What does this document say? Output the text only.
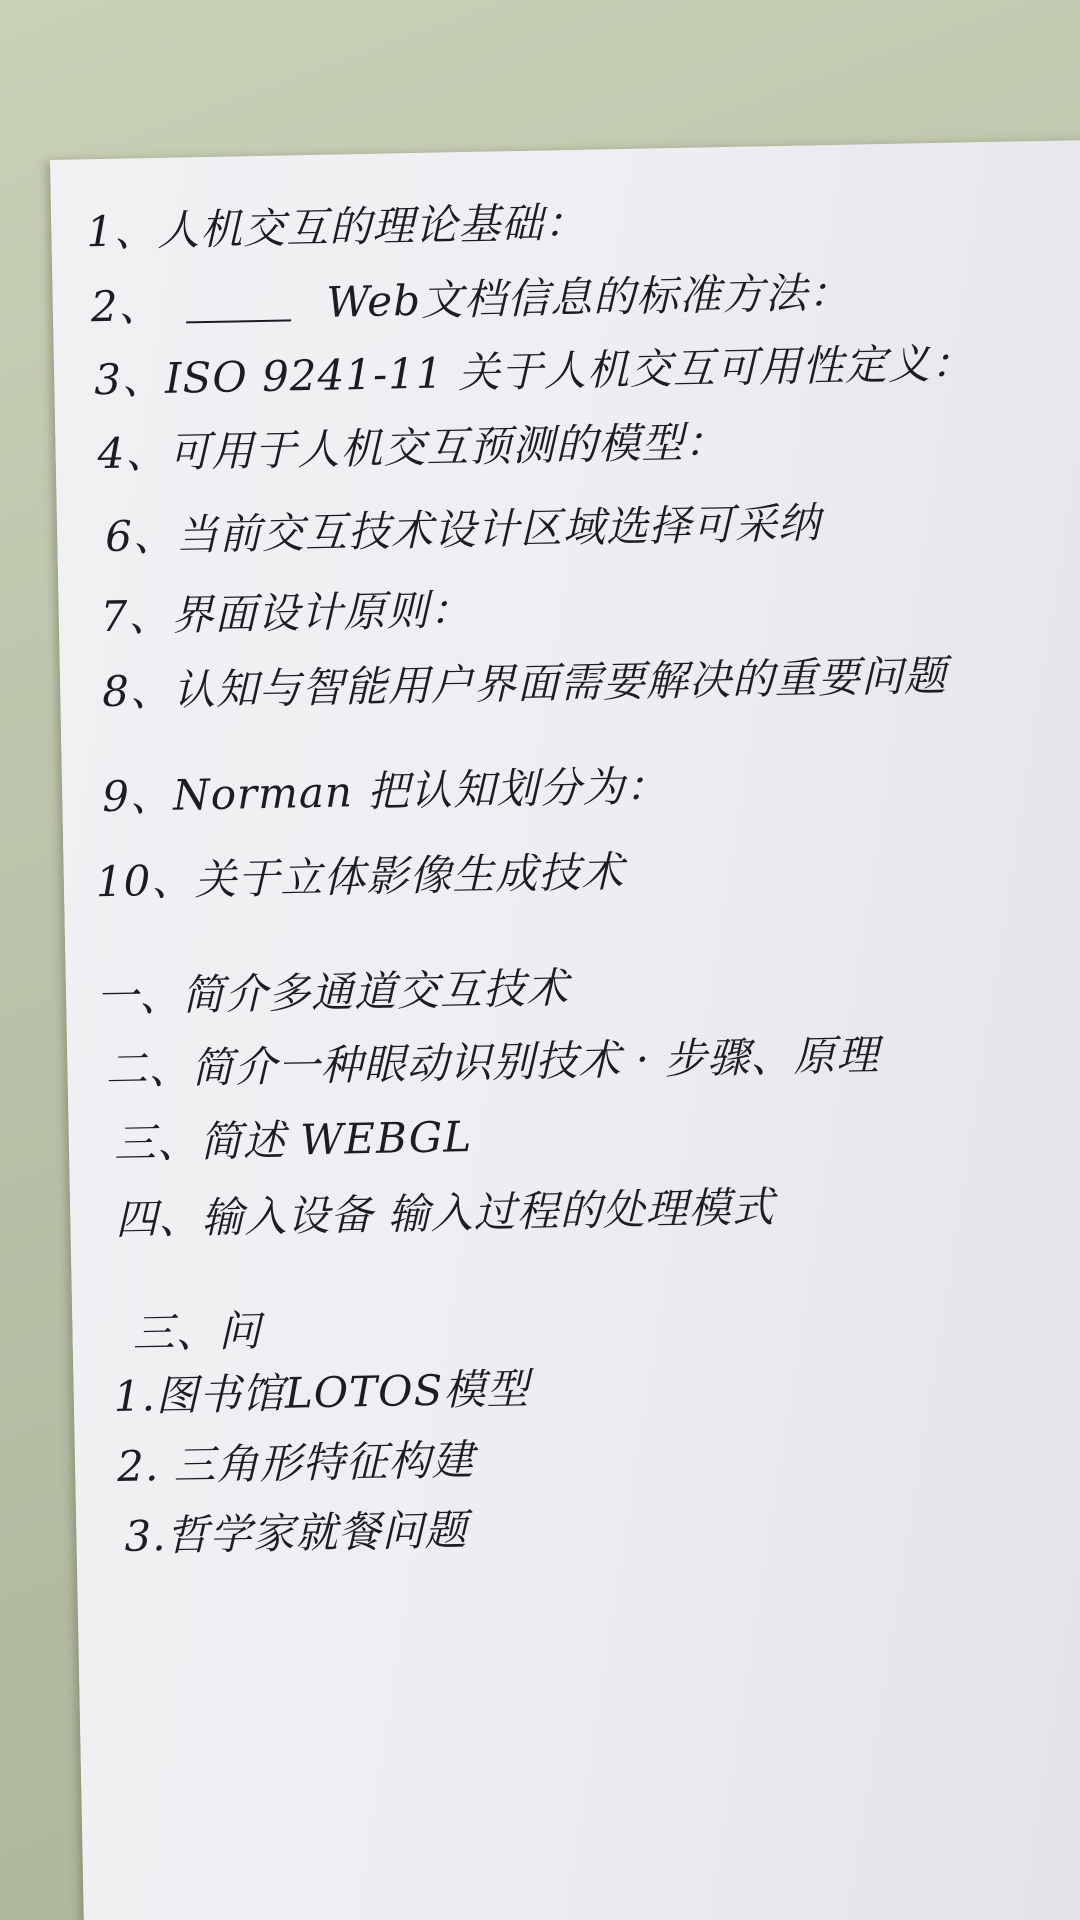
1、人机交互的理论基础：
2、	Web文档信息的标准方法：
3、ISO 9241-11 关于人机交互可用性定义：
4、可用于人机交互预测的模型：
6、当前交互技术设计区域选择可采纳
7、界面设计原则：
8、认知与智能用户界面需要解决的重要问题
9、Norman 把认知划分为：
10、关于立体影像生成技术
一、简介多通道交互技术
二、简介一种眼动识别技术 · 步骤、原理
三、简述 WEBGL
四、输入设备 输入过程的处理模式
三、问
1.图书馆LOTOS模型
2. 三角形特征构建
3.哲学家就餐问题
